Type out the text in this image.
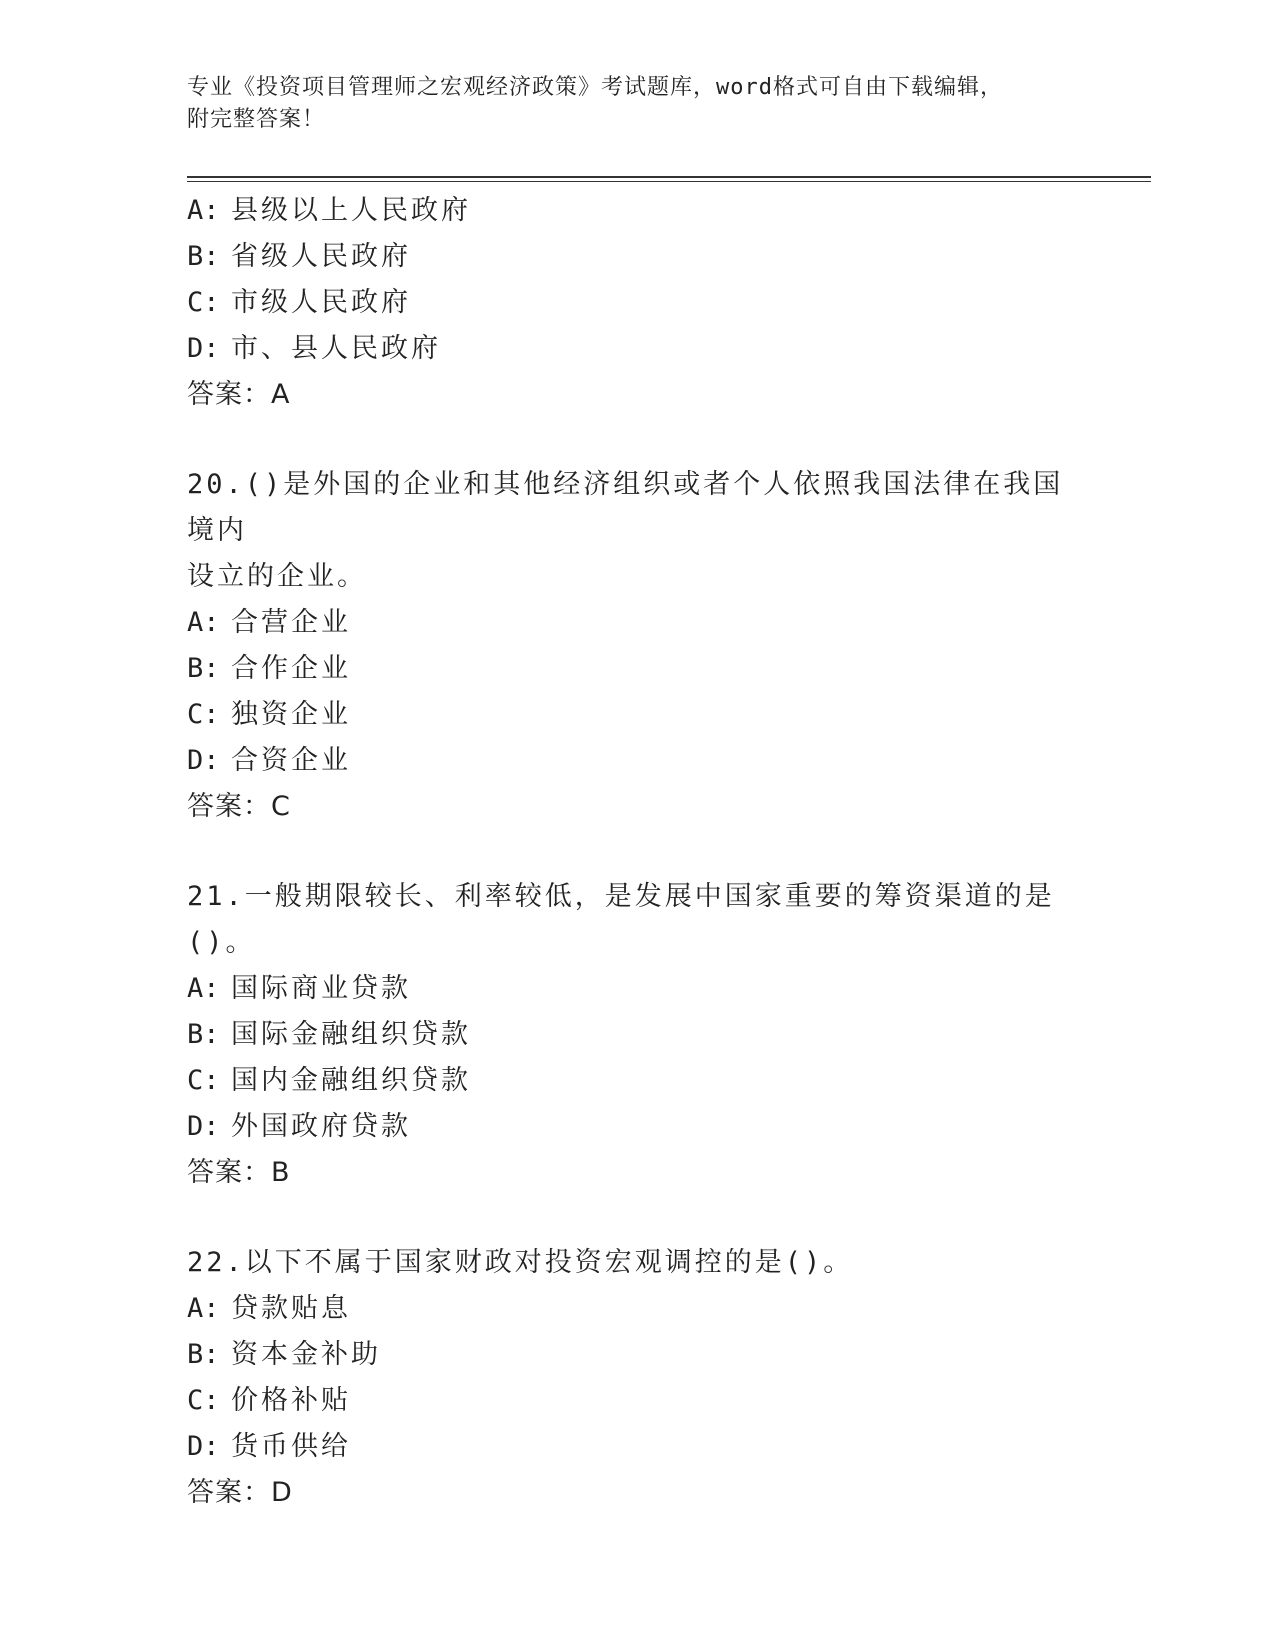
专业《投资项目管理师之宏观经济政策》考试题库，word格式可自由下载编辑，
附完整答案！
A: 县级以上人民政府
B: 省级人民政府
C: 市级人民政府
D: 市、县人民政府
答案：A
20.()是外国的企业和其他经济组织或者个人依照我国法律在我国境内
设立的企业。
A: 合营企业
B: 合作企业
C: 独资企业
D: 合资企业
答案：C
21.一般期限较长、利率较低，是发展中国家重要的筹资渠道的是()。
A: 国际商业贷款
B: 国际金融组织贷款
C: 国内金融组织贷款
D: 外国政府贷款
答案：B
22.以下不属于国家财政对投资宏观调控的是()。
A: 贷款贴息
B: 资本金补助
C: 价格补贴
D: 货币供给
答案：D
